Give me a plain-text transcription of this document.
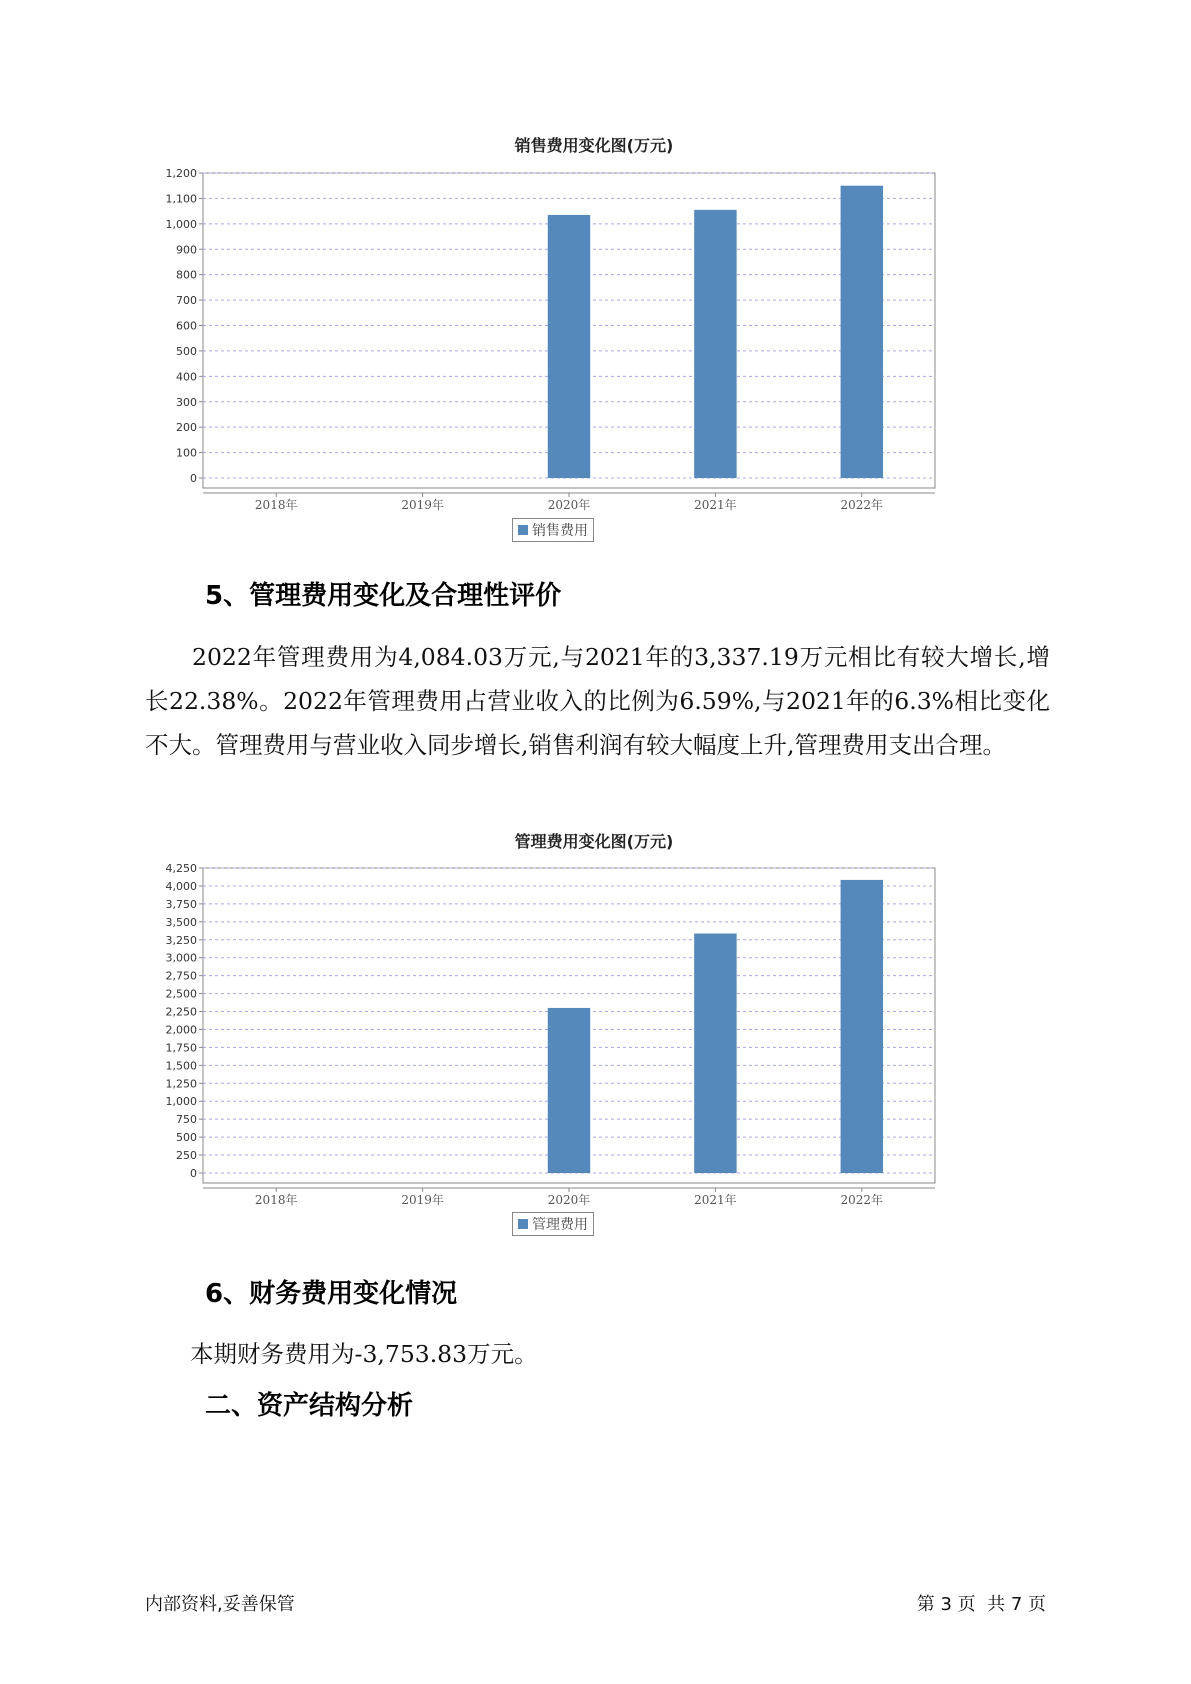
销售费用变化图(万元)
0
100
200
300
400
500
600
700
800
900
1,000
1,100
1,200
2018年	2019年	2020年	2021年	2022年
销售费用
5、管理费用变化及合理性评价

2022年管理费用为4,084.03万元,与2021年的3,337.19万元相比有较大增长,增长22.38%。2022年管理费用占营业收入的比例为6.59%,与2021年的6.3%相比变化不大。管理费用与营业收入同步增长,销售利润有较大幅度上升,管理费用支出合理。

管理费用变化图(万元)
0
250
500
750
1,000
1,250
1,500
1,750
2,000
2,250
2,500
2,750
3,000
3,250
3,500
3,750
4,000
4,250
2018年	2019年	2020年	2021年	2022年
管理费用
6、财务费用变化情况

本期财务费用为-3,753.83万元。

二、资产结构分析
内部资料,妥善保管	第 3 页  共 7 页
